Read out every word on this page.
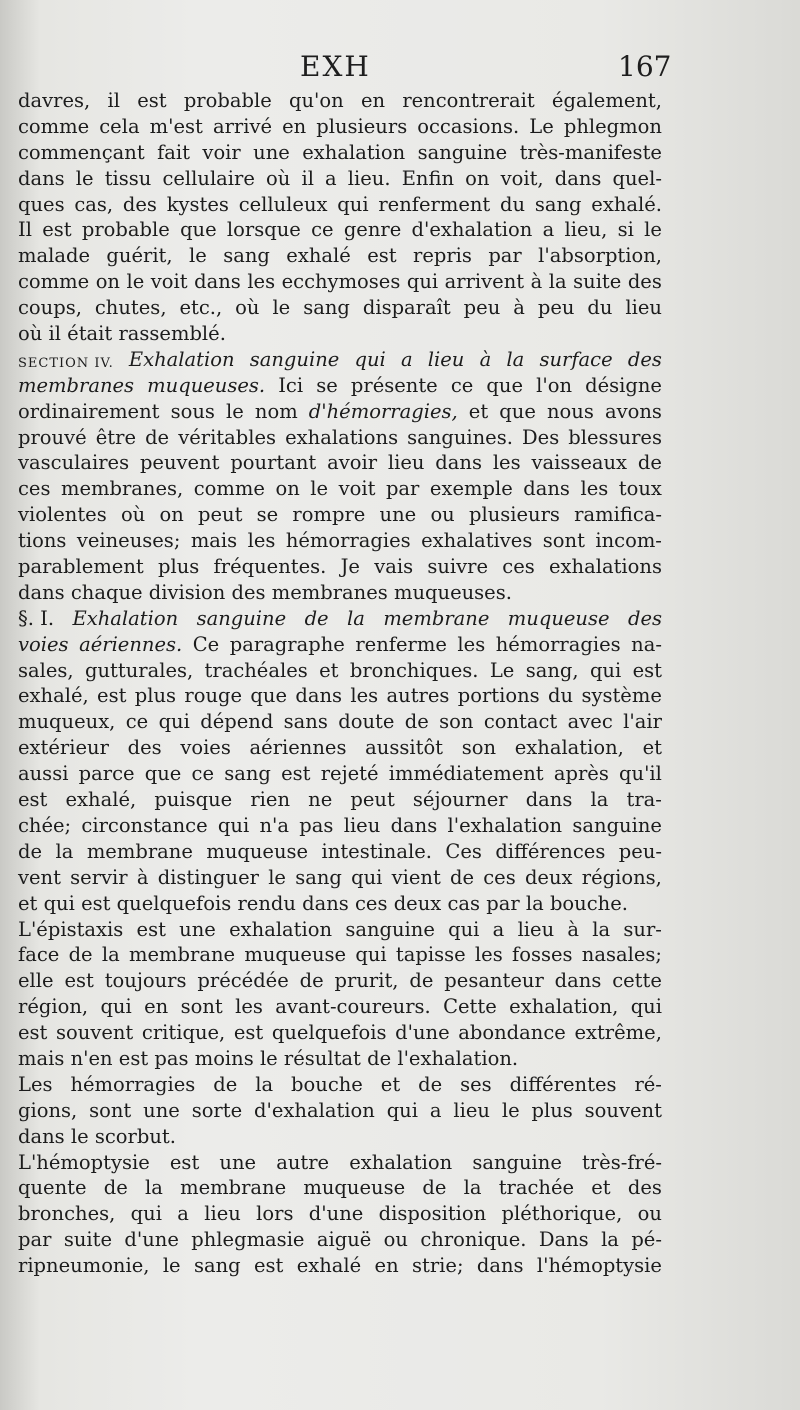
EXH	167
davres, il est probable qu'on en rencontrerait également,
comme cela m'est arrivé en plusieurs occasions. Le phlegmon
commençant fait voir une exhalation sanguine très-manifeste
dans le tissu cellulaire où il a lieu. Enfin on voit, dans quel-
ques cas, des kystes celluleux qui renferment du sang exhalé.
Il est probable que lorsque ce genre d'exhalation a lieu, si le
malade guérit, le sang exhalé est repris par l'absorption,
comme on le voit dans les ecchymoses qui arrivent à la suite des
coups, chutes, etc., où le sang disparaît peu à peu du lieu
où il était rassemblé.
SECTION IV. Exhalation sanguine qui a lieu à la surface des
membranes muqueuses. Ici se présente ce que l'on désigne
ordinairement sous le nom d'hémorragies, et que nous avons
prouvé être de véritables exhalations sanguines. Des blessures
vasculaires peuvent pourtant avoir lieu dans les vaisseaux de
ces membranes, comme on le voit par exemple dans les toux
violentes où on peut se rompre une ou plusieurs ramifica-
tions veineuses; mais les hémorragies exhalatives sont incom-
parablement plus fréquentes. Je vais suivre ces exhalations
dans chaque division des membranes muqueuses.
§. I. Exhalation sanguine de la membrane muqueuse des
voies aériennes. Ce paragraphe renferme les hémorragies na-
sales, gutturales, trachéales et bronchiques. Le sang, qui est
exhalé, est plus rouge que dans les autres portions du système
muqueux, ce qui dépend sans doute de son contact avec l'air
extérieur des voies aériennes aussitôt son exhalation, et
aussi parce que ce sang est rejeté immédiatement après qu'il
est exhalé, puisque rien ne peut séjourner dans la tra-
chée; circonstance qui n'a pas lieu dans l'exhalation sanguine
de la membrane muqueuse intestinale. Ces différences peu-
vent servir à distinguer le sang qui vient de ces deux régions,
et qui est quelquefois rendu dans ces deux cas par la bouche.
L'épistaxis est une exhalation sanguine qui a lieu à la sur-
face de la membrane muqueuse qui tapisse les fosses nasales;
elle est toujours précédée de prurit, de pesanteur dans cette
région, qui en sont les avant-coureurs. Cette exhalation, qui
est souvent critique, est quelquefois d'une abondance extrême,
mais n'en est pas moins le résultat de l'exhalation.
Les hémorragies de la bouche et de ses différentes ré-
gions, sont une sorte d'exhalation qui a lieu le plus souvent
dans le scorbut.
L'hémoptysie est une autre exhalation sanguine très-fré-
quente de la membrane muqueuse de la trachée et des
bronches, qui a lieu lors d'une disposition pléthorique, ou
par suite d'une phlegmasie aiguë ou chronique. Dans la pé-
ripneumonie, le sang est exhalé en strie; dans l'hémoptysie
